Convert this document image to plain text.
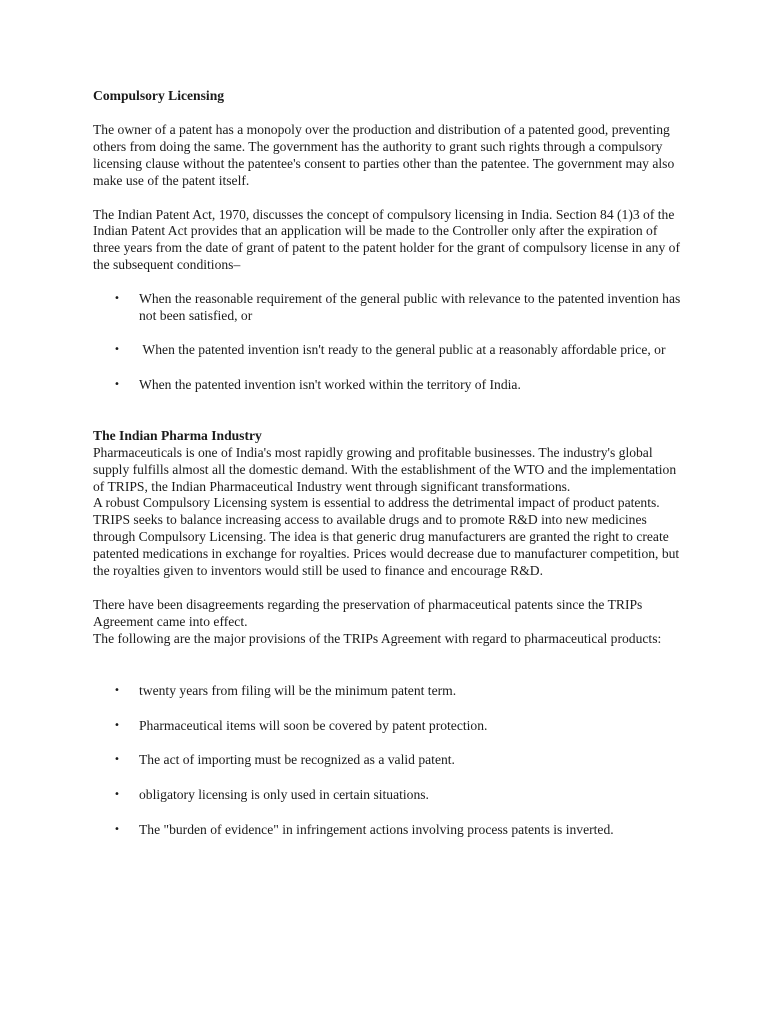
Compulsory Licensing

The owner of a patent has a monopoly over the production and distribution of a patented good, preventing others from doing the same. The government has the authority to grant such rights through a compulsory licensing clause without the patentee's consent to parties other than the patentee. The government may also make use of the patent itself.

The Indian Patent Act, 1970, discusses the concept of compulsory licensing in India. Section 84 (1)3 of the Indian Patent Act provides that an application will be made to the Controller only after the expiration of three years from the date of grant of patent to the patent holder for the grant of compulsory license in any of the subsequent conditions–

• When the reasonable requirement of the general public with relevance to the patented invention has not been satisfied, or
• When the patented invention isn't ready to the general public at a reasonably affordable price, or
• When the patented invention isn't worked within the territory of India.

The Indian Pharma Industry

Pharmaceuticals is one of India's most rapidly growing and profitable businesses. The industry's global supply fulfills almost all the domestic demand. With the establishment of the WTO and the implementation of TRIPS, the Indian Pharmaceutical Industry went through significant transformations.

A robust Compulsory Licensing system is essential to address the detrimental impact of product patents. TRIPS seeks to balance increasing access to available drugs and to promote R&D into new medicines through Compulsory Licensing. The idea is that generic drug manufacturers are granted the right to create patented medications in exchange for royalties. Prices would decrease due to manufacturer competition, but the royalties given to inventors would still be used to finance and encourage R&D.

There have been disagreements regarding the preservation of pharmaceutical patents since the TRIPs Agreement came into effect.

The following are the major provisions of the TRIPs Agreement with regard to pharmaceutical products:

• twenty years from filing will be the minimum patent term.
• Pharmaceutical items will soon be covered by patent protection.
• The act of importing must be recognized as a valid patent.
• obligatory licensing is only used in certain situations.
• The "burden of evidence" in infringement actions involving process patents is inverted.
